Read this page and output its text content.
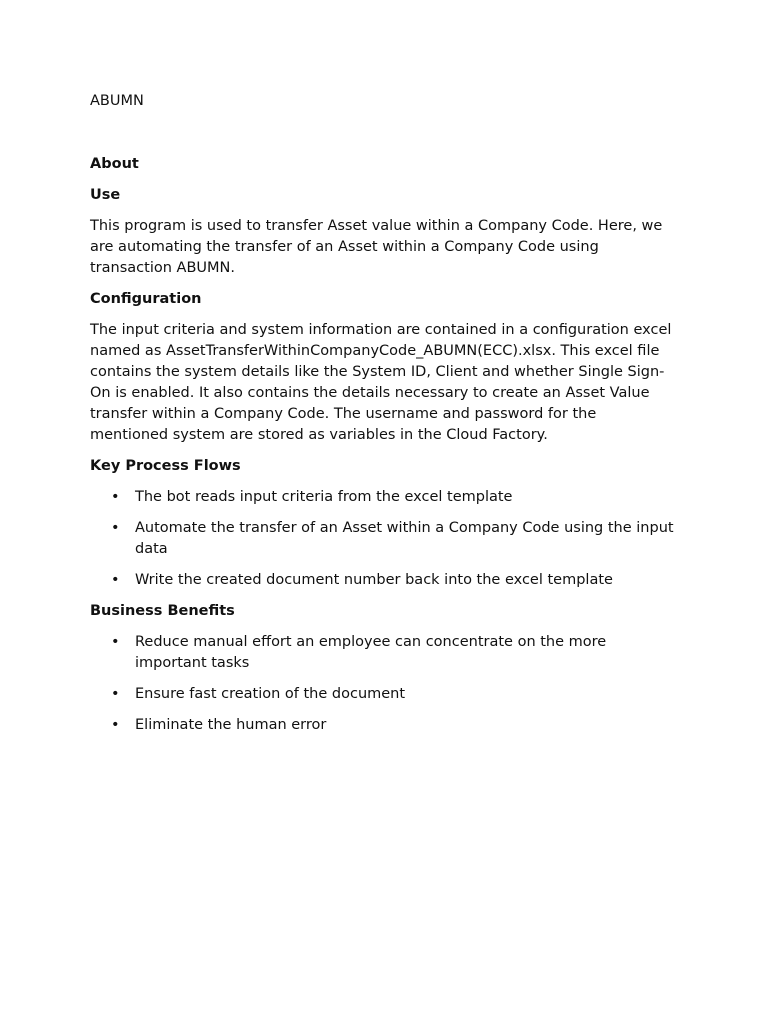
ABUMN
About
Use
This program is used to transfer Asset value within a Company Code. Here, we are automating the transfer of an Asset within a Company Code using transaction ABUMN.
Configuration
The input criteria and system information are contained in a configuration excel named as AssetTransferWithinCompanyCode_ABUMN(ECC).xlsx. This excel file contains the system details like the System ID, Client and whether Single Sign-On is enabled. It also contains the details necessary to create an Asset Value transfer within a Company Code. The username and password for the mentioned system are stored as variables in the Cloud Factory.
Key Process Flows
• The bot reads input criteria from the excel template
• Automate the transfer of an Asset within a Company Code using the input data
• Write the created document number back into the excel template
Business Benefits
• Reduce manual effort an employee can concentrate on the more important tasks
• Ensure fast creation of the document
• Eliminate the human error
